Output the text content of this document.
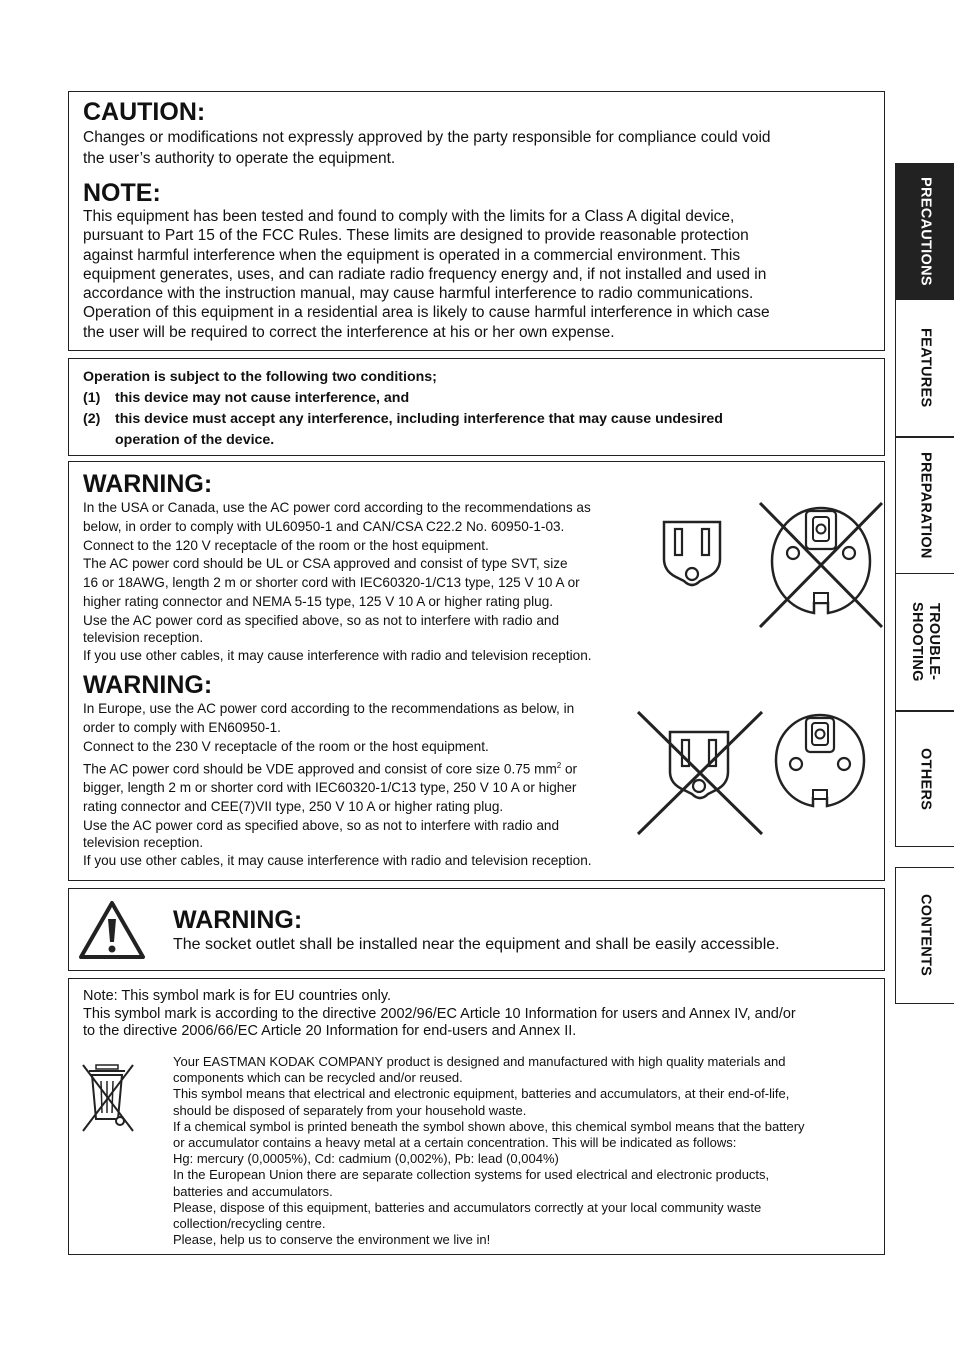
CAUTION:

Changes or modifications not expressly approved by the party responsible for compliance could void

the user’s authority to operate the equipment.

NOTE:

This equipment has been tested and found to comply with the limits for a Class A digital device,

pursuant to Part 15 of the FCC Rules. These limits are designed to provide reasonable protection

against harmful interference when the equipment is operated in a commercial environment. This

equipment generates, uses, and can radiate radio frequency energy and, if not installed and used in

accordance with the instruction manual, may cause harmful interference to radio communications.

Operation of this equipment in a residential area is likely to cause harmful interference in which case

the user will be required to correct the interference at his or her own expense.

Operation is subject to the following two conditions;

(1) this device may not cause interference, and

(2) this device must accept any interference, including interference that may cause undesired

operation of the device.

WARNING:

In the USA or Canada, use the AC power cord according to the recommendations as

below, in order to comply with UL60950-1 and CAN/CSA C22.2 No. 60950-1-03.

Connect to the 120 V receptacle of the room or the host equipment.

The AC power cord should be UL or CSA approved and consist of type SVT, size

16 or 18AWG, length 2 m or shorter cord with IEC60320-1/C13 type, 125 V 10 A or

higher rating connector and NEMA 5-15 type, 125 V 10 A or higher rating plug.

Use the AC power cord as specified above, so as not to interfere with radio and

television reception.

If you use other cables, it may cause interference with radio and television reception.

WARNING:

In Europe, use the AC power cord according to the recommendations as below, in

order to comply with EN60950-1.

Connect to the 230 V receptacle of the room or the host equipment.

The AC power cord should be VDE approved and consist of core size 0.75 $mm^2$ or

bigger, length 2 m or shorter cord with IEC60320-1/C13 type, 250 V 10 A or higher

rating connector and CEE(7)VII type, 250 V 10 A or higher rating plug.

Use the AC power cord as specified above, so as not to interfere with radio and

television reception.

If you use other cables, it may cause interference with radio and television reception.

WARNING:

The socket outlet shall be installed near the equipment and shall be easily accessible.

Note: This symbol mark is for EU countries only.

This symbol mark is according to the directive 2002/96/EC Article 10 Information for users and Annex IV, and/or

to the directive 2006/66/EC Article 20 Information for end-users and Annex II.

Your EASTMAN KODAK COMPANY product is designed and manufactured with high quality materials and

components which can be recycled and/or reused.

This symbol means that electrical and electronic equipment, batteries and accumulators, at their end-of-life,

should be disposed of separately from your household waste.

If a chemical symbol is printed beneath the symbol shown above, this chemical symbol means that the battery

or accumulator contains a heavy metal at a certain concentration. This will be indicated as follows:

Hg: mercury (0,0005%), Cd: cadmium (0,002%), Pb: lead (0,004%)

In the European Union there are separate collection systems for used electrical and electronic products,

batteries and accumulators.

Please, dispose of this equipment, batteries and accumulators correctly at your local community waste

collection/recycling centre.

Please, help us to conserve the environment we live in!

PRECAUTIONS
FEATURES
PREPARATION
TROUBLE-
SHOOTING
OTHERS
CONTENTS
